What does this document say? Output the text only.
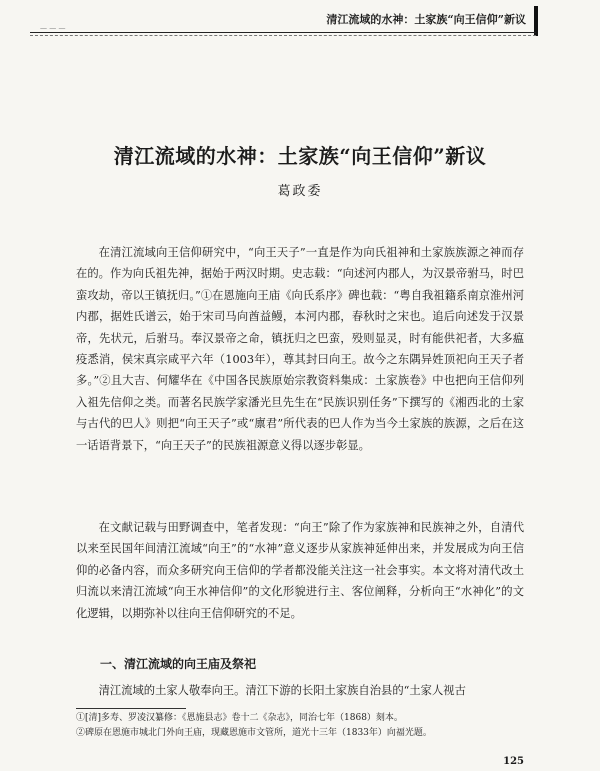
清江流域的水神：土家族“向王信仰”新议
— — —
清江流域的水神：土家族“向王信仰”新议
葛政委

在清江流域向王信仰研究中，“向王天子”一直是作为向氏祖神和土家族族源之神而存在的。作为向氏祖先神，据始于两汉时期。史志载：“向述河内郡人，为汉景帝驸马，时巴蛮攻劫，帝以王镇抚归。”①在恩施向王庙《向氏系序》碑也载：“粤自我祖籍系南京淮州河内郡，据姓氏谱云，始于宋司马向酋益鳗，本河内郡，春秋时之宋也。追后向述发于汉景帝，先状元，后驸马。奉汉景帝之命，镇抚归之巴蛮，殁则显灵，时有能供祀者，大多瘟疫悉消，侯宋真宗咸平六年（1003年），尊其封曰向王。故今之东隅异姓顶祀向王天子者多。”②且大吉、何耀华在《中国各民族原始宗教资料集成：土家族卷》中也把向王信仰列入祖先信仰之类。而著名民族学家潘光旦先生在“民族识别任务”下撰写的《湘西北的土家与古代的巴人》则把“向王天子”或“廪君”所代表的巴人作为当今土家族的族源，之后在这一话语背景下，“向王天子”的民族祖源意义得以逐步彰显。

在文献记载与田野调查中，笔者发现：“向王”除了作为家族神和民族神之外，自清代以来至民国年间清江流域“向王”的“水神”意义逐步从家族神延伸出来，并发展成为向王信仰的必备内容，而众多研究向王信仰的学者都没能关注这一社会事实。本文将对清代改土归流以来清江流域“向王水神信仰”的文化形貌进行主、客位阐释，分析向王“水神化”的文化逻辑，以期弥补以往向王信仰研究的不足。

一、清江流域的向王庙及祭祀

清江流域的土家人敬奉向王。清江下游的长阳土家族自治县的“土家人视古

①[清]多寿、罗凌汉纂修：《恩施县志》卷十二《杂志》，同治七年（1868）刻本。
②碑原在恩施市城北门外向王庙，现藏恩施市文管所，道光十三年（1833年）向福光题。
125
